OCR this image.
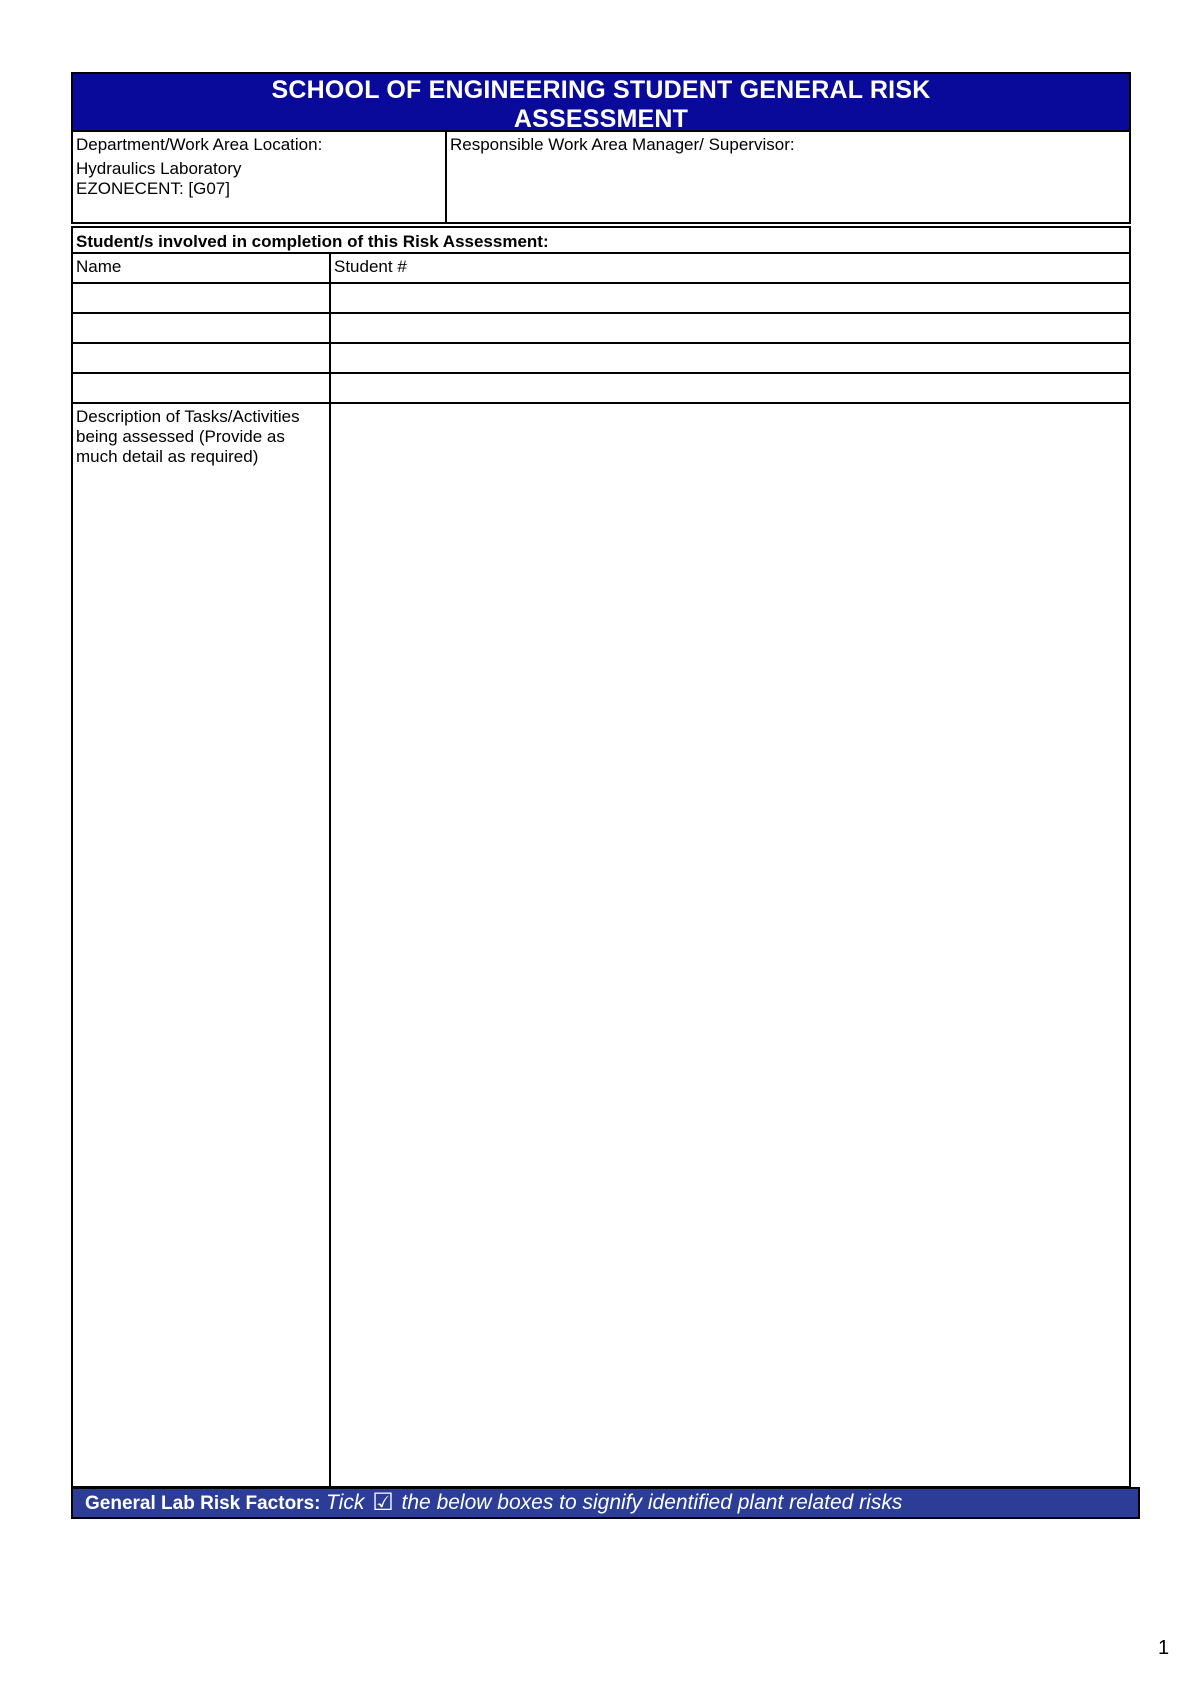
SCHOOL OF ENGINEERING STUDENT GENERAL RISK
ASSESSMENT
Department/Work Area Location:
Hydraulics Laboratory
EZONECENT: [G07]
Responsible Work Area Manager/ Supervisor:
Student/s involved in completion of this Risk Assessment:
Name	Student #
Description of Tasks/Activities being assessed (Provide as much detail as required)
General Lab Risk Factors: Tick ☑ the below boxes to signify identified plant related risks
1
